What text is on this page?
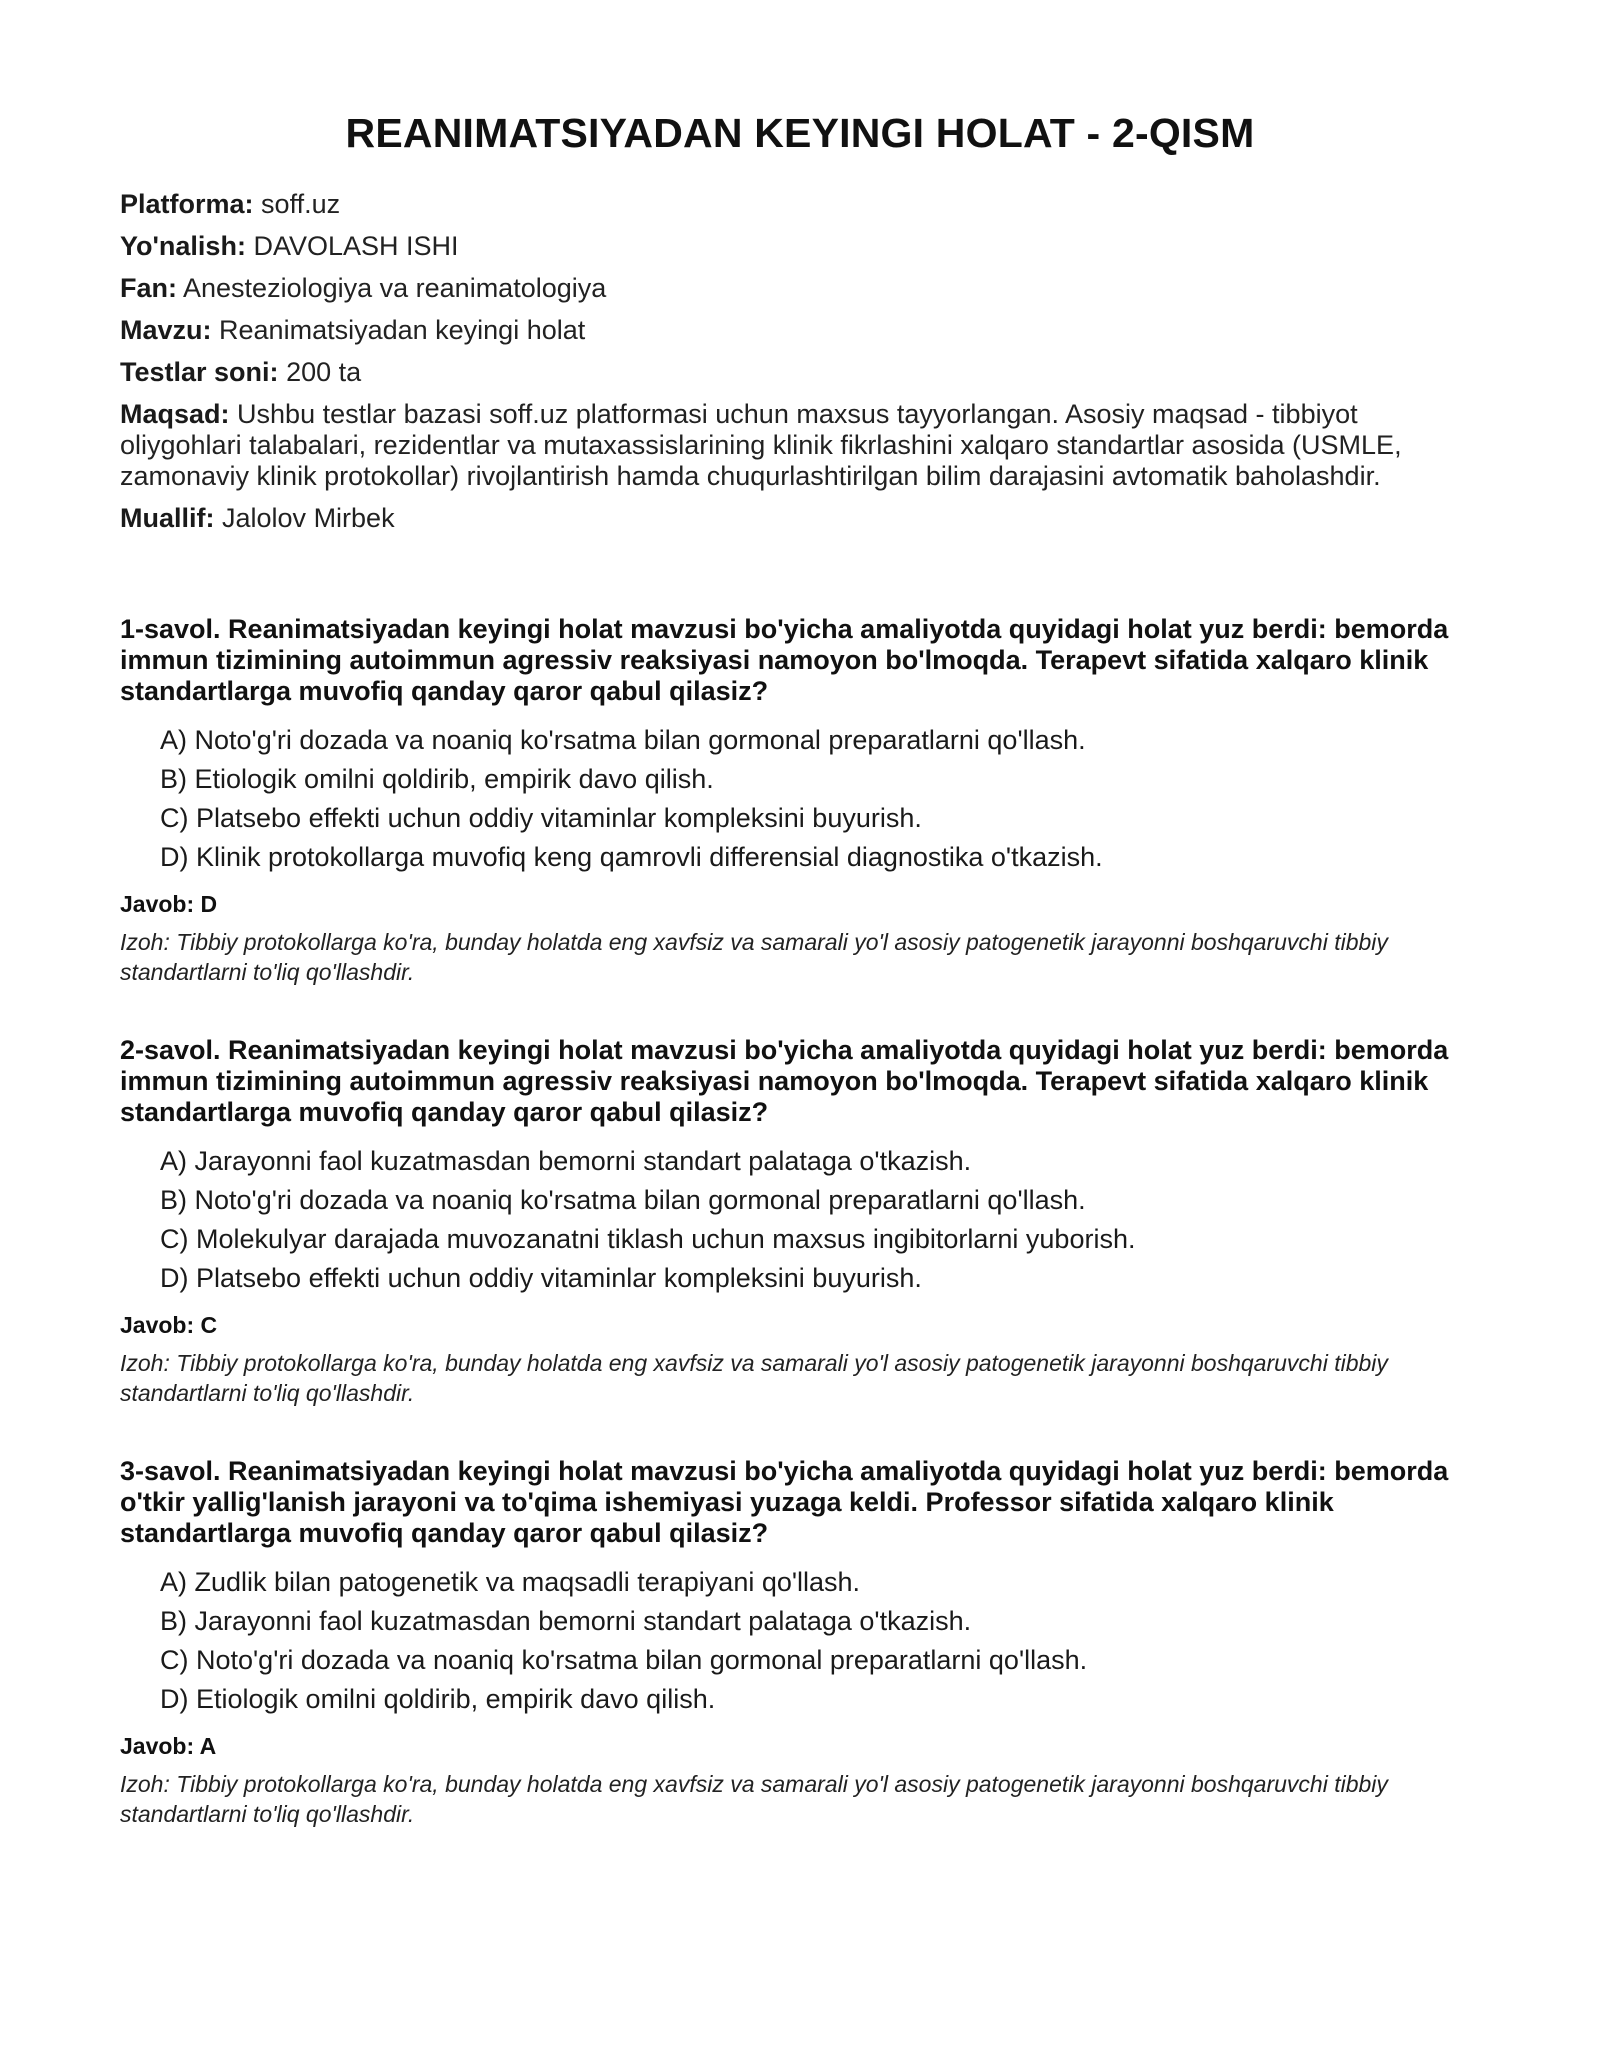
REANIMATSIYADAN KEYINGI HOLAT - 2-QISM
Platforma: soff.uz
Yo'nalish: DAVOLASH ISHI
Fan: Anesteziologiya va reanimatologiya
Mavzu: Reanimatsiyadan keyingi holat
Testlar soni: 200 ta
Maqsad: Ushbu testlar bazasi soff.uz platformasi uchun maxsus tayyorlangan. Asosiy maqsad - tibbiyot oliygohlari talabalari, rezidentlar va mutaxassislarining klinik fikrlashini xalqaro standartlar asosida (USMLE, zamonaviy klinik protokollar) rivojlantirish hamda chuqurlashtirilgan bilim darajasini avtomatik baholashdir.
Muallif: Jalolov Mirbek

1-savol. Reanimatsiyadan keyingi holat mavzusi bo'yicha amaliyotda quyidagi holat yuz berdi: bemorda immun tizimining autoimmun agressiv reaksiyasi namoyon bo'lmoqda. Terapevt sifatida xalqaro klinik standartlarga muvofiq qanday qaror qabul qilasiz?

A) Noto'g'ri dozada va noaniq ko'rsatma bilan gormonal preparatlarni qo'llash.
B) Etiologik omilni qoldirib, empirik davo qilish.
C) Platsebo effekti uchun oddiy vitaminlar kompleksini buyurish.
D) Klinik protokollarga muvofiq keng qamrovli differensial diagnostika o'tkazish.

Javob: D

Izoh: Tibbiy protokollarga ko'ra, bunday holatda eng xavfsiz va samarali yo'l asosiy patogenetik jarayonni boshqaruvchi tibbiy standartlarni to'liq qo'llashdir.

2-savol. Reanimatsiyadan keyingi holat mavzusi bo'yicha amaliyotda quyidagi holat yuz berdi: bemorda immun tizimining autoimmun agressiv reaksiyasi namoyon bo'lmoqda. Terapevt sifatida xalqaro klinik standartlarga muvofiq qanday qaror qabul qilasiz?

A) Jarayonni faol kuzatmasdan bemorni standart palataga o'tkazish.
B) Noto'g'ri dozada va noaniq ko'rsatma bilan gormonal preparatlarni qo'llash.
C) Molekulyar darajada muvozanatni tiklash uchun maxsus ingibitorlarni yuborish.
D) Platsebo effekti uchun oddiy vitaminlar kompleksini buyurish.

Javob: C

Izoh: Tibbiy protokollarga ko'ra, bunday holatda eng xavfsiz va samarali yo'l asosiy patogenetik jarayonni boshqaruvchi tibbiy standartlarni to'liq qo'llashdir.

3-savol. Reanimatsiyadan keyingi holat mavzusi bo'yicha amaliyotda quyidagi holat yuz berdi: bemorda o'tkir yallig'lanish jarayoni va to'qima ishemiyasi yuzaga keldi. Professor sifatida xalqaro klinik standartlarga muvofiq qanday qaror qabul qilasiz?

A) Zudlik bilan patogenetik va maqsadli terapiyani qo'llash.
B) Jarayonni faol kuzatmasdan bemorni standart palataga o'tkazish.
C) Noto'g'ri dozada va noaniq ko'rsatma bilan gormonal preparatlarni qo'llash.
D) Etiologik omilni qoldirib, empirik davo qilish.

Javob: A

Izoh: Tibbiy protokollarga ko'ra, bunday holatda eng xavfsiz va samarali yo'l asosiy patogenetik jarayonni boshqaruvchi tibbiy standartlarni to'liq qo'llashdir.
